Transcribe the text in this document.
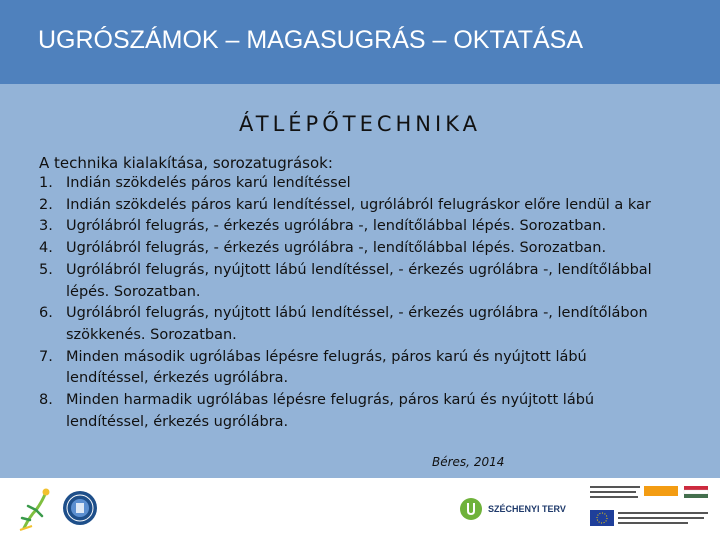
UGRÓSZÁMOK – MAGASUGRÁS – OKTATÁSA
ÁTLÉPŐTECHNIKA
A technika kialakítása, sorozatugrások:
1. Indián szökdelés páros karú lendítéssel
2. Indián szökdelés páros karú lendítéssel, ugrólábról felugráskor előre lendül a kar
3. Ugrólábról felugrás, - érkezés ugrólábra -, lendítőlábbal lépés. Sorozatban.
4. Ugrólábról felugrás, - érkezés ugrólábra -, lendítőlábbal lépés. Sorozatban.
5. Ugrólábról felugrás, nyújtott lábú lendítéssel, - érkezés ugrólábra -, lendítőlábbal lépés. Sorozatban.
6. Ugrólábról felugrás, nyújtott lábú lendítéssel, - érkezés ugrólábra -, lendítőlábon szökkenés. Sorozatban.
7. Minden második ugrólábas lépésre felugrás, páros karú és nyújtott lábú lendítéssel, érkezés ugrólábra.
8. Minden harmadik ugrólábas lépésre felugrás, páros karú és nyújtott lábú lendítéssel, érkezés ugrólábra.
Béres, 2014
SZÉCHENYI TERV
